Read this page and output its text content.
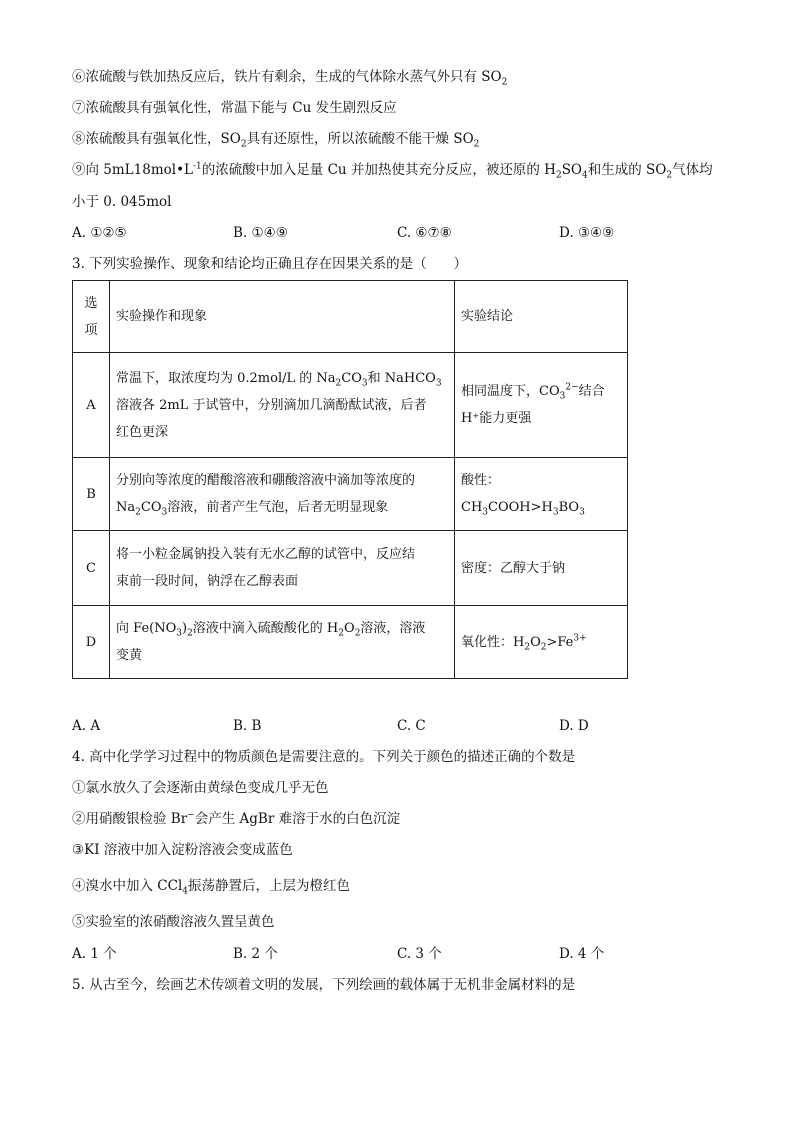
⑥浓硫酸与铁加热反应后，铁片有剩余，生成的气体除水蒸气外只有 $SO_2$
⑦浓硫酸具有强氧化性，常温下能与 Cu 发生剧烈反应
⑧浓硫酸具有强氧化性，$SO_2$具有还原性，所以浓硫酸不能干燥 $SO_2$
⑨向 $5mL18mol•L^{-1}$的浓硫酸中加入足量 Cu 并加热使其充分反应，被还原的 $H_2SO_4$和生成的 $SO_2$气体均
小于 0. 045mol
A. ①②⑤	B. ①④⑨	C. ⑥⑦⑧	D. ③④⑨
3. 下列实验操作、现象和结论均正确且存在因果关系的是（　　）
选
项	实验操作和现象	实验结论
A	常温下，取浓度均为 0.2mol/L 的 $Na_2CO_3$和 NaHCO$_3$
溶液各 2mL 于试管中，分别滴加几滴酚酞试液，后者
红色更深	相同温度下，$CO_3^{2-}$结合
H⁺能力更强
B	分别向等浓度的醋酸溶液和硼酸溶液中滴加等浓度的
$Na_2CO_3$溶液，前者产生气泡，后者无明显现象	酸性：$CH_3COOH>H_3BO_3$
C	将一小粒金属钠投入装有无水乙醇的试管中，反应结
束前一段时间，钠浮在乙醇表面	密度：乙醇大于钠
D	向 $Fe(NO_3)_2$溶液中滴入硫酸酸化的 $H_2O_2$溶液，溶液
变黄	氧化性：$H_2O_2>Fe^{3+}$
A. A	B. B	C. C	D. D
4. 高中化学学习过程中的物质颜色是需要注意的。下列关于颜色的描述正确的个数是
①氯水放久了会逐渐由黄绿色变成几乎无色
②用硝酸银检验 Br−会产生 AgBr 难溶于水的白色沉淀
③KI 溶液中加入淀粉溶液会变成蓝色
④溴水中加入 CCl$_4$振荡静置后，上层为橙红色
⑤实验室的浓硝酸溶液久置呈黄色
A. 1 个	B. 2 个	C. 3 个	D. 4 个
5. 从古至今，绘画艺术传颂着文明的发展，下列绘画的载体属于无机非金属材料的是
